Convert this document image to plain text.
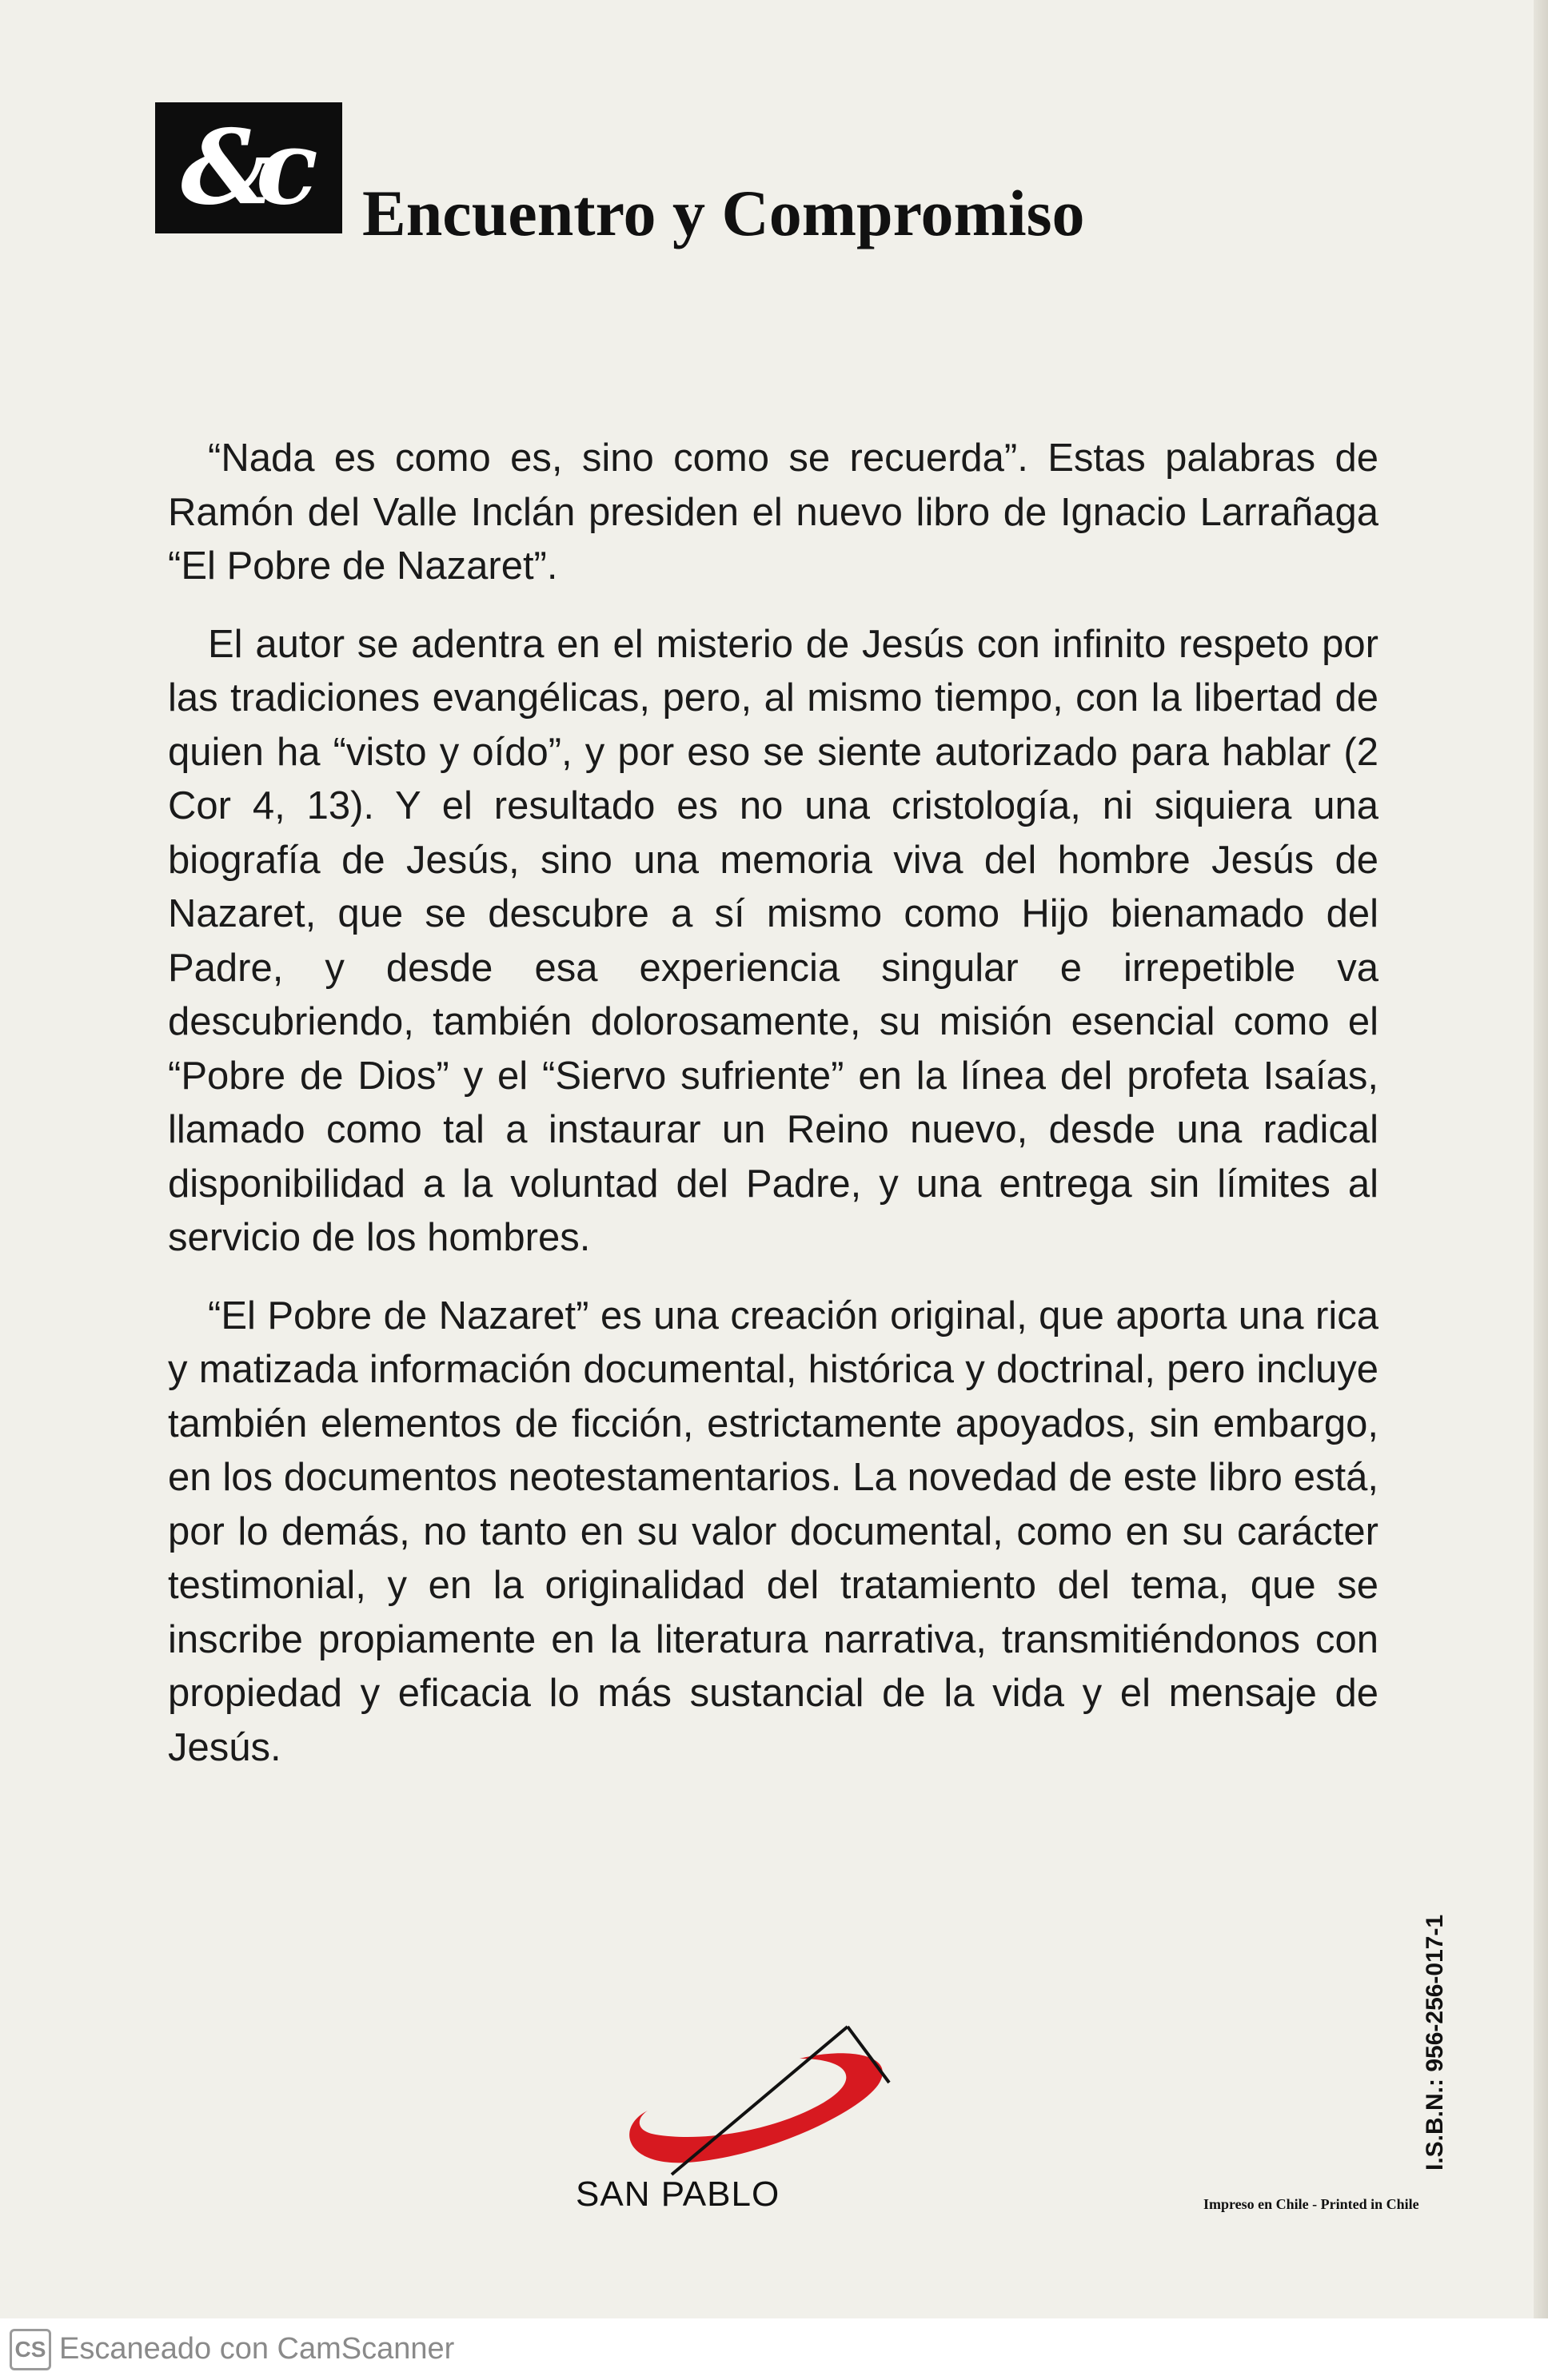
&c Encuentro y Compromiso

“Nada es como es, sino como se recuerda”. Estas palabras de Ramón del Valle Inclán presiden el nuevo libro de Ignacio Larrañaga “El Pobre de Nazaret”.

El autor se adentra en el misterio de Jesús con infinito respeto por las tradiciones evangélicas, pero, al mismo tiempo, con la libertad de quien ha “visto y oído”, y por eso se siente autorizado para hablar (2 Cor 4, 13). Y el resultado es no una cristología, ni siquiera una biografía de Jesús, sino una memoria viva del hombre Jesús de Nazaret, que se descubre a sí mismo como Hijo bienamado del Padre, y desde esa experiencia singular e irrepetible va descubriendo, también dolorosamente, su misión esencial como el “Pobre de Dios” y el “Siervo sufriente” en la línea del profeta Isaías, llamado como tal a instaurar un Reino nuevo, desde una radical disponibilidad a la voluntad del Padre, y una entrega sin límites al servicio de los hombres.

“El Pobre de Nazaret” es una creación original, que aporta una rica y matizada información documental, histórica y doctrinal, pero incluye también elementos de ficción, estrictamente apoyados, sin embargo, en los documentos neotestamentarios. La novedad de este libro está, por lo demás, no tanto en su valor documental, como en su carácter testimonial, y en la originalidad del tratamiento del tema, que se inscribe propiamente en la literatura narrativa, transmitiéndonos con propiedad y eficacia lo más sustancial de la vida y el mensaje de Jesús.

SAN PABLO
I.S.B.N.: 956-256-017-1
Impreso en Chile - Printed in Chile
CS Escaneado con CamScanner
